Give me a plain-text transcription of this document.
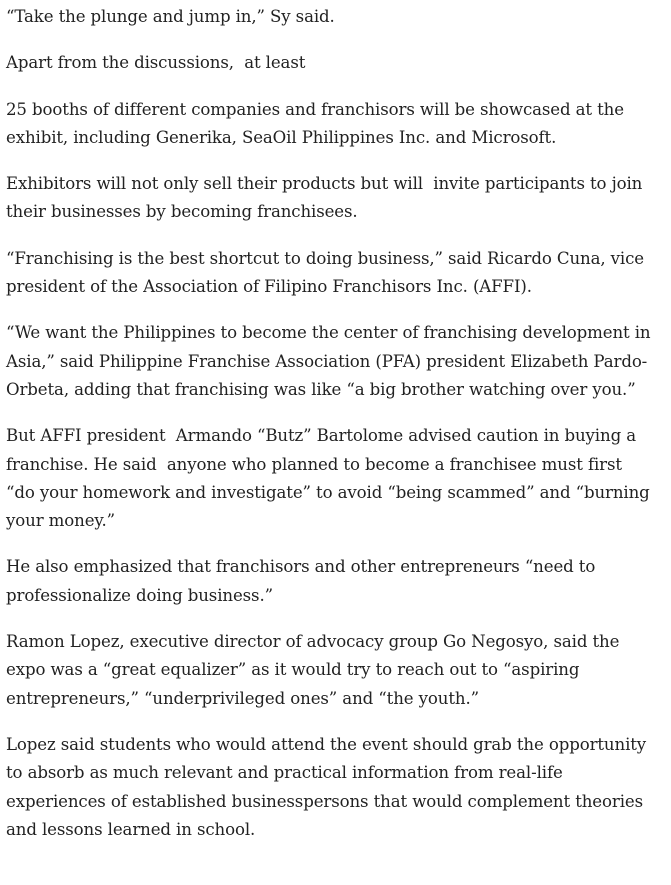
“Take the plunge and jump in,” Sy said.

Apart from the discussions,  at least

25 booths of different companies and franchisors will be showcased at the exhibit, including Generika, SeaOil Philippines Inc. and Microsoft.

Exhibitors will not only sell their products but will  invite participants to join their businesses by becoming franchisees.

“Franchising is the best shortcut to doing business,” said Ricardo Cuna, vice president of the Association of Filipino Franchisors Inc. (AFFI).

“We want the Philippines to become the center of franchising development in Asia,” said Philippine Franchise Association (PFA) president Elizabeth Pardo-Orbeta, adding that franchising was like “a big brother watching over you.”

But AFFI president  Armando “Butz” Bartolome advised caution in buying a franchise. He said  anyone who planned to become a franchisee must first “do your homework and investigate” to avoid “being scammed” and “burning your money.”

He also emphasized that franchisors and other entrepreneurs “need to professionalize doing business.”

Ramon Lopez, executive director of advocacy group Go Negosyo, said the expo was a “great equalizer” as it would try to reach out to “aspiring entrepreneurs,” “underprivileged ones” and “the youth.”

Lopez said students who would attend the event should grab the opportunity to absorb as much relevant and practical information from real-life experiences of established businesspersons that would complement theories and lessons learned in school.
